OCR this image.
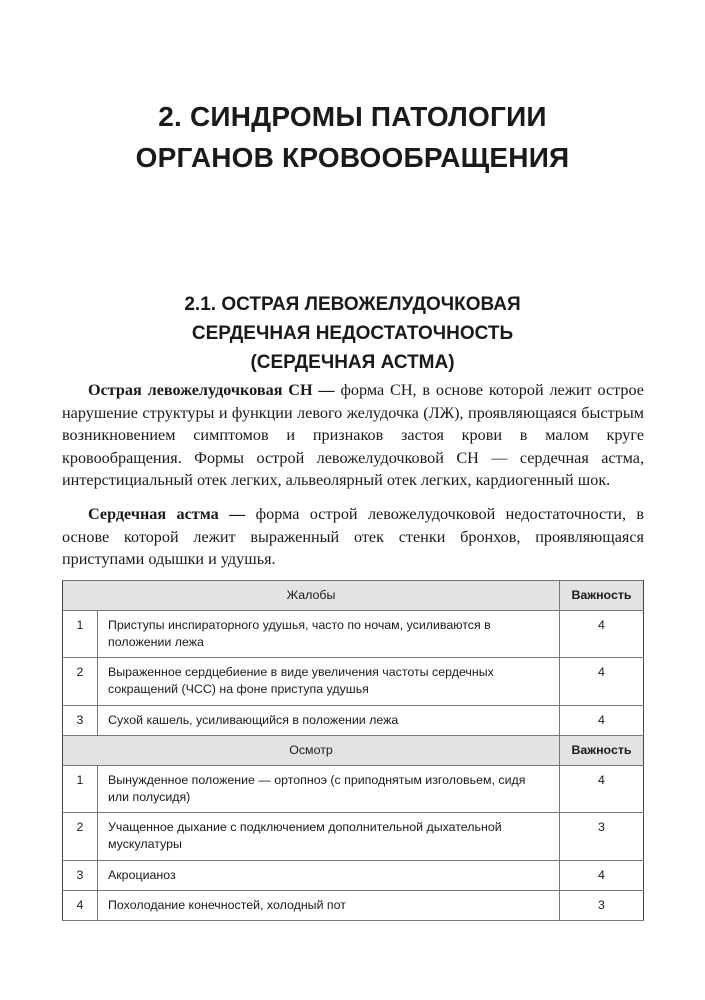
2. СИНДРОМЫ ПАТОЛОГИИ
ОРГАНОВ КРОВООБРАЩЕНИЯ
2.1. ОСТРАЯ ЛЕВОЖЕЛУДОЧКОВАЯ
СЕРДЕЧНАЯ НЕДОСТАТОЧНОСТЬ
(СЕРДЕЧНАЯ АСТМА)

Острая левожелудочковая СН — форма СН, в основе которой лежит острое нарушение структуры и функции левого желудочка (ЛЖ), проявляющаяся быстрым возникновением симптомов и признаков застоя крови в малом круге кровообращения. Формы острой левожелудочковой СН — сердечная астма, интерстициальный отек легких, альвеолярный отек легких, кардиогенный шок.

Сердечная астма — форма острой левожелудочковой недостаточности, в основе которой лежит выраженный отек стенки бронхов, проявляющаяся приступами одышки и удушья.

Жалобы		Важность
1	Приступы инспираторного удушья, часто по ночам, усиливаются в положении лежа	4
2	Выраженное сердцебиение в виде увеличения частоты сердечных сокращений (ЧСС) на фоне приступа удушья	4
3	Сухой кашель, усиливающийся в положении лежа	4
Осмотр		Важность
1	Вынужденное положение — ортопноэ (с приподнятым изголовьем, сидя или полусидя)	4
2	Учащенное дыхание с подключением дополнительной дыхательной мускулатуры	3
3	Акроцианоз	4
4	Похолодание конечностей, холодный пот	3
